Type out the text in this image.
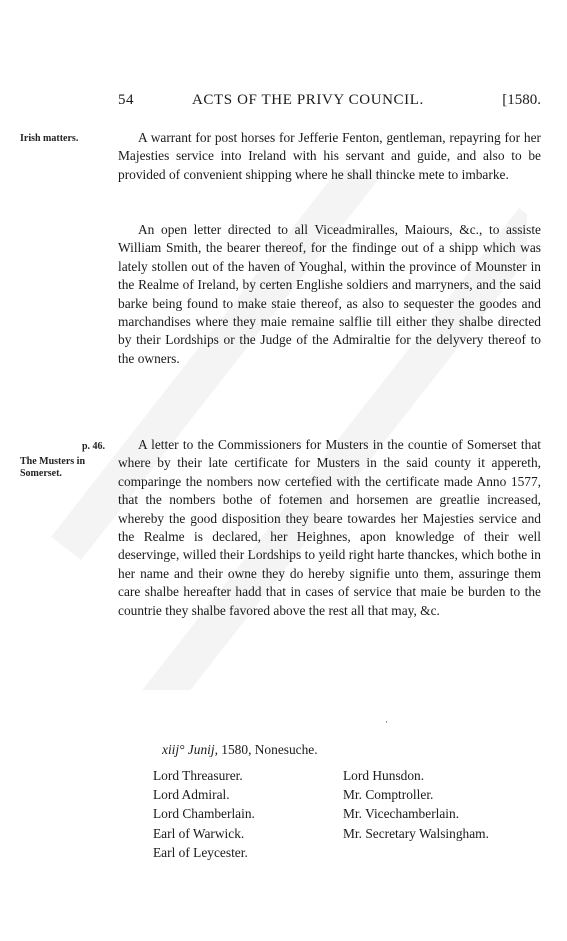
54	ACTS OF THE PRIVY COUNCIL.	[1580.
Irish matters.	A warrant for post horses for Jefferie Fenton, gentleman, repayring for her Majesties service into Ireland with his servant and guide, and also to be provided of convenient shipping where he shall thincke mete to imbarke.

An open letter directed to all Viceadmiralles, Maiours, &c., to assiste William Smith, the bearer thereof, for the findinge out of a shipp which was lately stollen out of the haven of Youghal, within the province of Mounster in the Realme of Ireland, by certen Englishe soldiers and marryners, and the said barke being found to make staie thereof, as also to sequester the goodes and marchandises where they maie remaine salflie till either they shalbe directed by their Lordships or the Judge of the Admiraltie for the delyvery thereof to the owners.

p. 46.
The Musters in Somerset.

A letter to the Commissioners for Musters in the countie of Somerset that where by their late certificate for Musters in the said county it appereth, comparinge the nombers now certefied with the certificate made Anno 1577, that the nombers bothe of fotemen and horsemen are greatlie increased, whereby the good disposition they beare towardes her Majesties service and the Realme is declared, her Heighnes, apon knowledge of their well deservinge, willed their Lordships to yeild right harte thanckes, which bothe in her name and their owne they do hereby signifie unto them, assuringe them care shalbe hereafter hadd that in cases of service that maie be burden to the countrie they shalbe favored above the rest all that may, &c.

·
xiij° Junij, 1580, Nonesuche.
Lord Threasurer.
Lord Admiral.
Lord Chamberlain.
Earl of Warwick.
Earl of Leycester.
Lord Hunsdon.
Mr. Comptroller.
Mr. Vicechamberlain.
Mr. Secretary Walsingham.
